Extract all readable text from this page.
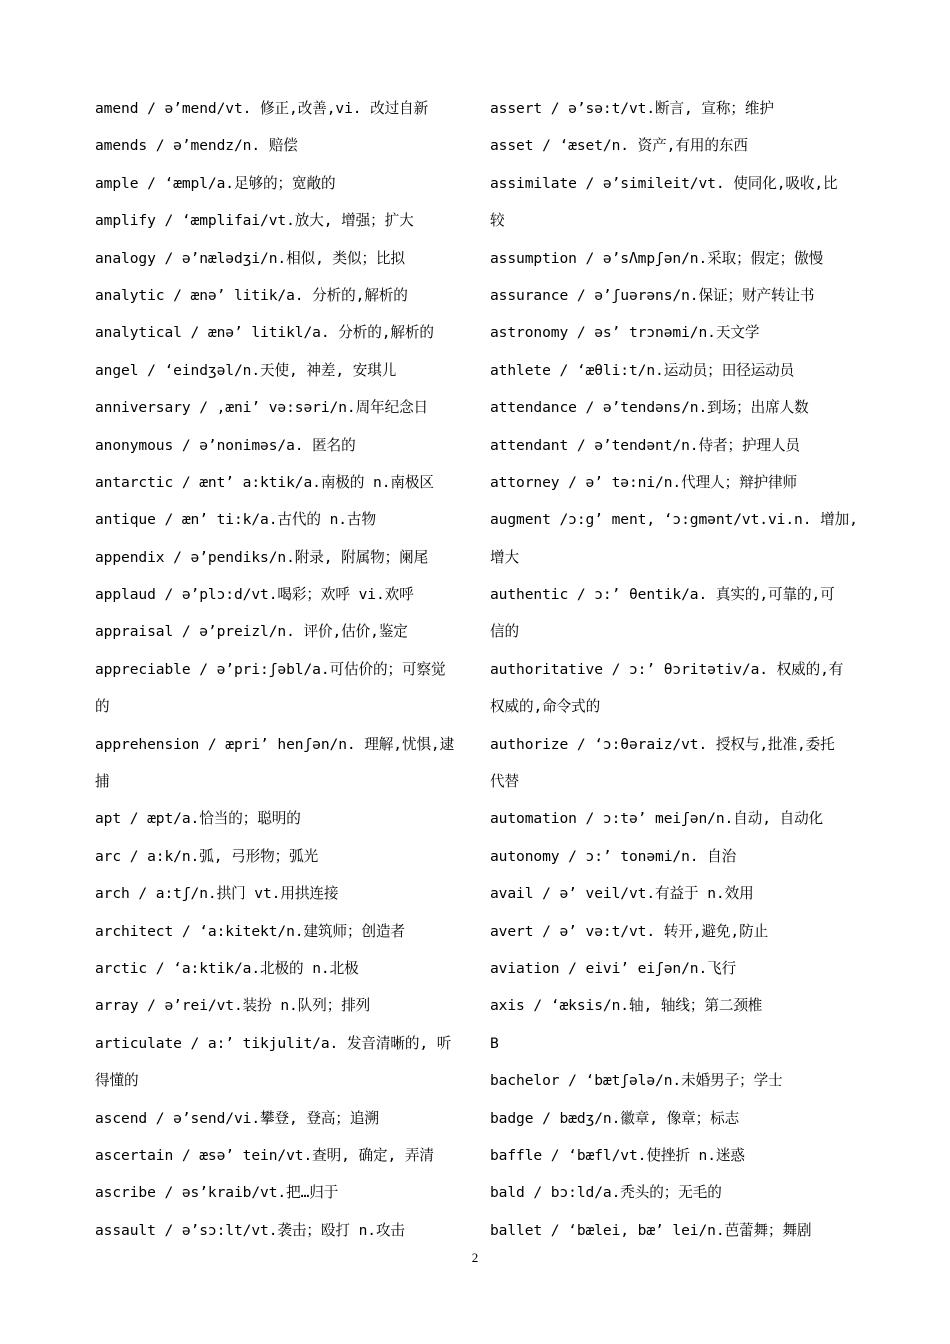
amend / ə’mend/vt. 修正,改善,vi. 改过自新
amends / ə’mendz/n. 赔偿
ample / ‘æmpl/a.足够的；宽敞的
amplify / ‘æmplifai/vt.放大, 增强；扩大
analogy / ə’nælədʒi/n.相似, 类似；比拟
analytic / ænə’ litik/a. 分析的,解析的
analytical / ænə’ litikl/a. 分析的,解析的
angel / ‘eindʒəl/n.天使, 神差, 安琪儿
anniversary / ,æni’ və:səri/n.周年纪念日
anonymous / ə’nonimәs/a. 匿名的
antarctic / ænt’ a:ktik/a.南极的 n.南极区
antique / æn’ ti:k/a.古代的 n.古物
appendix / ə’pendiks/n.附录, 附属物；阑尾
applaud / ə’plɔ:d/vt.喝彩；欢呼 vi.欢呼
appraisal / ə’preizl/n. 评价,估价,鉴定
appreciable / ə’pri:ʃəbl/a.可估价的；可察觉
的
apprehension / æpri’ henʃən/n. 理解,忧惧,逮
捕
apt / æpt/a.恰当的；聪明的
arc / a:k/n.弧, 弓形物；弧光
arch / a:tʃ/n.拱门 vt.用拱连接
architect / ‘a:kitekt/n.建筑师；创造者
arctic / ‘a:ktik/a.北极的 n.北极
array / ə’rei/vt.装扮 n.队列；排列
articulate / a:’ tikjulit/a. 发音清晰的, 听
得懂的
ascend / ə’send/vi.攀登, 登高；追溯
ascertain / æsə’ tein/vt.查明, 确定, 弄清
ascribe / əs’kraib/vt.把…归于
assault / ə’sɔ:lt/vt.袭击；殴打 n.攻击
assert / ə’sə:t/vt.断言, 宣称；维护
asset / ‘æset/n. 资产,有用的东西
assimilate / ə’simileit/vt. 使同化,吸收,比
较
assumption / ə’sΛmpʃən/n.采取；假定；傲慢
assurance / ə’ʃuərəns/n.保证；财产转让书
astronomy / əs’ trɔnəmi/n.天文学
athlete / ‘æθli:t/n.运动员；田径运动员
attendance / ə’tendəns/n.到场；出席人数
attendant / ə’tendənt/n.侍者；护理人员
attorney / ə’ tə:ni/n.代理人；辩护律师
augment /ɔ:g’ ment, ‘ɔ:gmənt/vt.vi.n. 增加,
增大
authentic / ɔ:’ θentik/a. 真实的,可靠的,可
信的
authoritative / ɔ:’ θɔritətiv/a. 权威的,有
权威的,命令式的
authorize / ‘ɔ:θəraiz/vt. 授权与,批准,委托
代替
automation / ɔ:tə’ meiʃən/n.自动, 自动化
autonomy / ɔ:’ tonəmi/n. 自治
avail / ə’ veil/vt.有益于 n.效用
avert / ə’ və:t/vt. 转开,避免,防止
aviation / eivi’ eiʃən/n.飞行
axis / ‘æksis/n.轴, 轴线；第二颈椎
B
bachelor / ‘bætʃələ/n.未婚男子；学士
badge / bædʒ/n.徽章, 像章；标志
baffle / ‘bæfl/vt.使挫折 n.迷惑
bald / bɔ:ld/a.秃头的；无毛的
ballet / ‘bælei, bæ’ lei/n.芭蕾舞；舞剧
2
